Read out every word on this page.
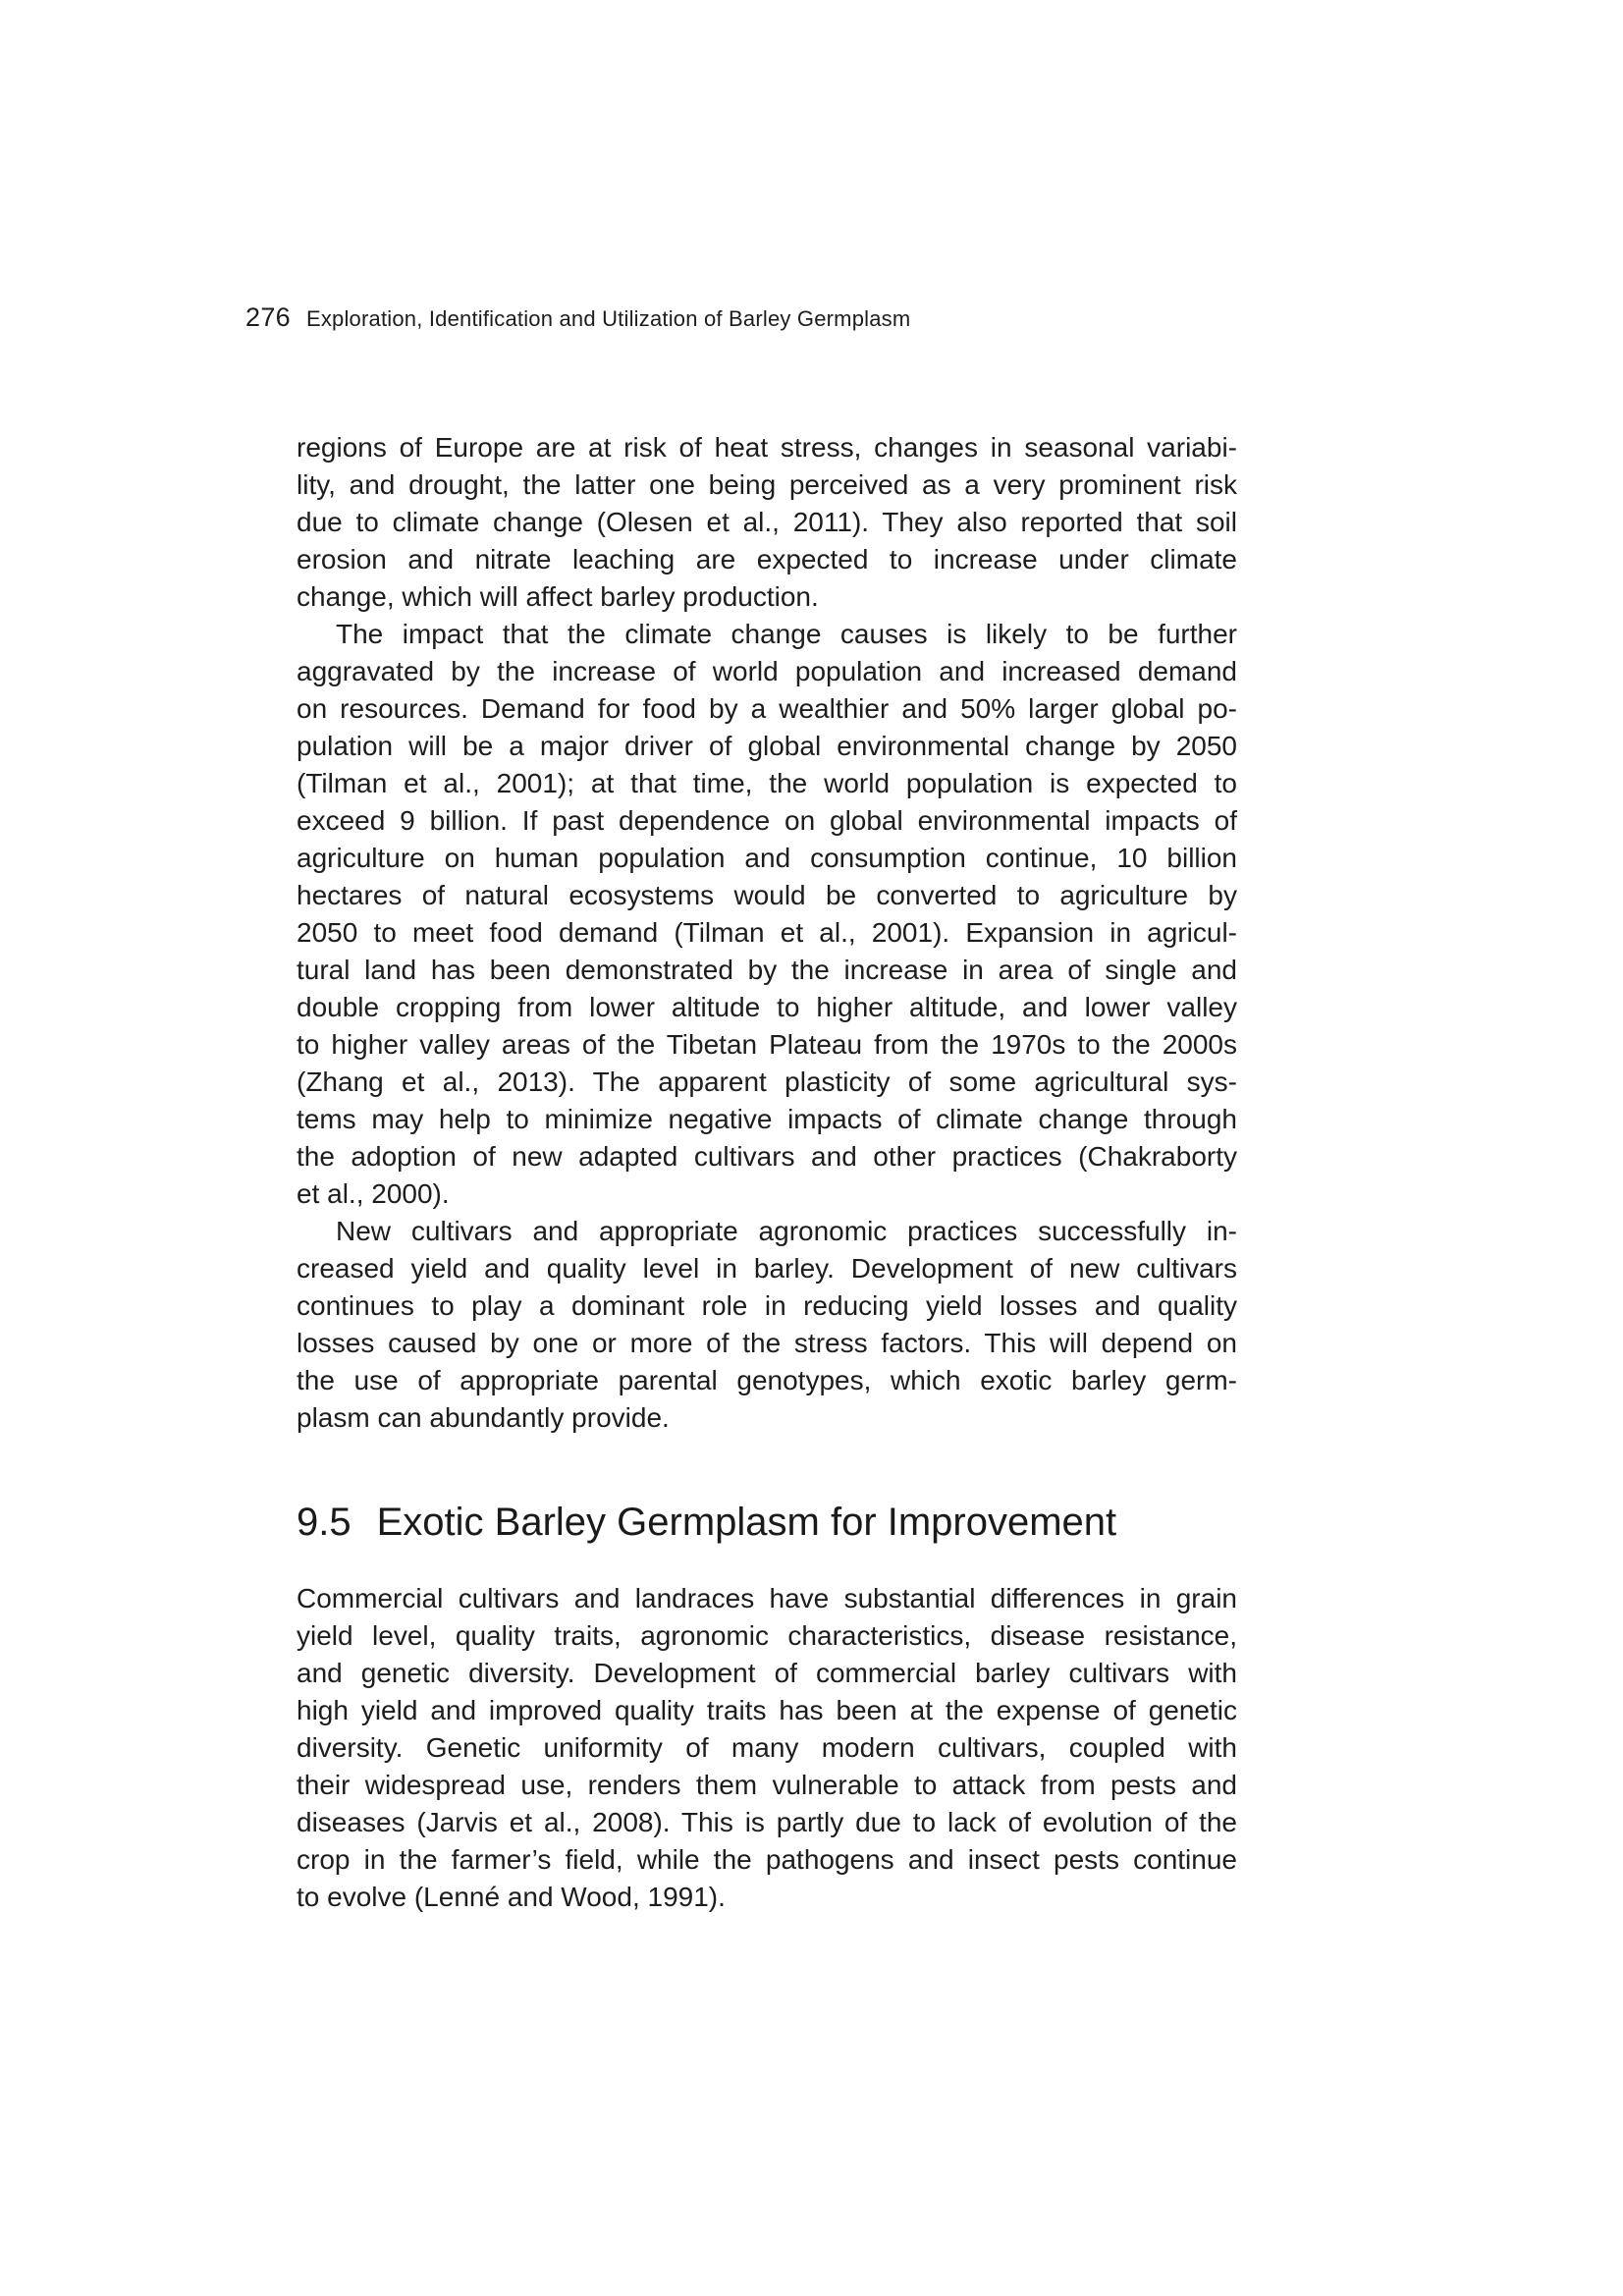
276 Exploration, Identification and Utilization of Barley Germplasm
regions of Europe are at risk of heat stress, changes in seasonal variabi-
lity, and drought, the latter one being perceived as a very prominent risk
due to climate change (Olesen et al., 2011). They also reported that soil
erosion and nitrate leaching are expected to increase under climate
change, which will affect barley production.
The impact that the climate change causes is likely to be further
aggravated by the increase of world population and increased demand
on resources. Demand for food by a wealthier and 50% larger global po-
pulation will be a major driver of global environmental change by 2050
(Tilman et al., 2001); at that time, the world population is expected to
exceed 9 billion. If past dependence on global environmental impacts of
agriculture on human population and consumption continue, 10 billion
hectares of natural ecosystems would be converted to agriculture by
2050 to meet food demand (Tilman et al., 2001). Expansion in agricul-
tural land has been demonstrated by the increase in area of single and
double cropping from lower altitude to higher altitude, and lower valley
to higher valley areas of the Tibetan Plateau from the 1970s to the 2000s
(Zhang et al., 2013). The apparent plasticity of some agricultural sys-
tems may help to minimize negative impacts of climate change through
the adoption of new adapted cultivars and other practices (Chakraborty
et al., 2000).
New cultivars and appropriate agronomic practices successfully in-
creased yield and quality level in barley. Development of new cultivars
continues to play a dominant role in reducing yield losses and quality
losses caused by one or more of the stress factors. This will depend on
the use of appropriate parental genotypes, which exotic barley germ-
plasm can abundantly provide.
9.5 Exotic Barley Germplasm for Improvement
Commercial cultivars and landraces have substantial differences in grain
yield level, quality traits, agronomic characteristics, disease resistance,
and genetic diversity. Development of commercial barley cultivars with
high yield and improved quality traits has been at the expense of genetic
diversity. Genetic uniformity of many modern cultivars, coupled with
their widespread use, renders them vulnerable to attack from pests and
diseases (Jarvis et al., 2008). This is partly due to lack of evolution of the
crop in the farmer’s field, while the pathogens and insect pests continue
to evolve (Lenné and Wood, 1991).
